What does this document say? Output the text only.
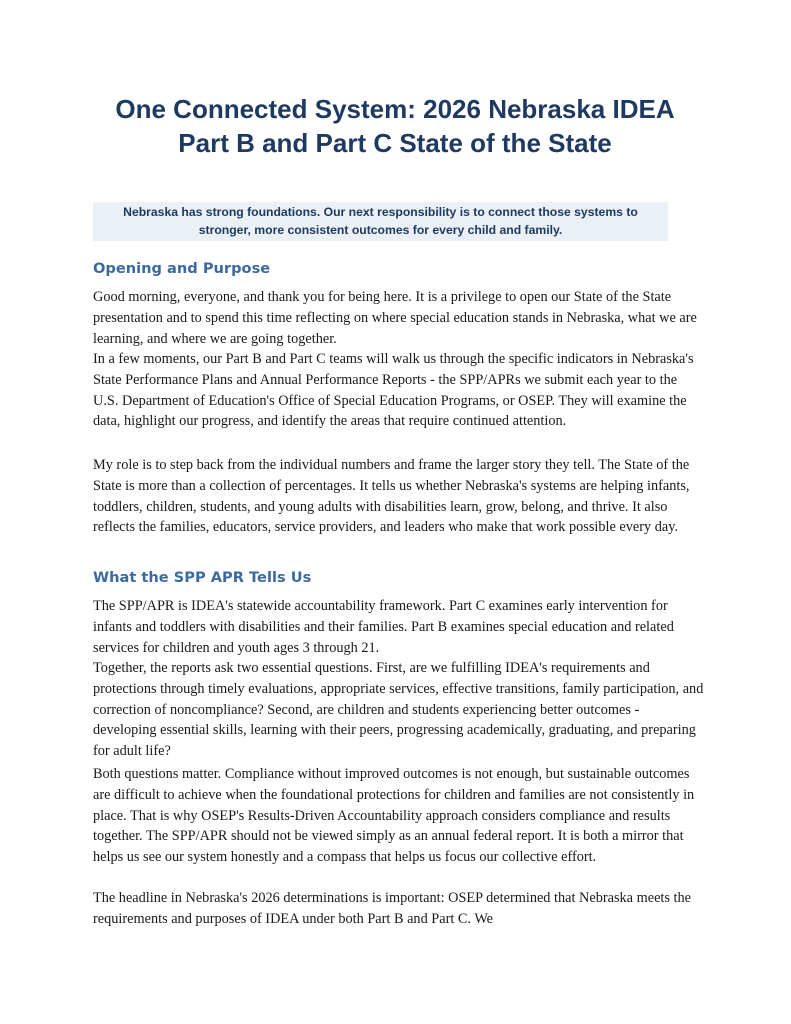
One Connected System: 2026 Nebraska IDEA Part B and Part C State of the State
Nebraska has strong foundations. Our next responsibility is to connect those systems to stronger, more consistent outcomes for every child and family.
Opening and Purpose

Good morning, everyone, and thank you for being here. It is a privilege to open our State of the State presentation and to spend this time reflecting on where special education stands in Nebraska, what we are learning, and where we are going together.

In a few moments, our Part B and Part C teams will walk us through the specific indicators in Nebraska's State Performance Plans and Annual Performance Reports - the SPP/APRs we submit each year to the U.S. Department of Education's Office of Special Education Programs, or OSEP. They will examine the data, highlight our progress, and identify the areas that require continued attention.

My role is to step back from the individual numbers and frame the larger story they tell. The State of the State is more than a collection of percentages. It tells us whether Nebraska's systems are helping infants, toddlers, children, students, and young adults with disabilities learn, grow, belong, and thrive. It also reflects the families, educators, service providers, and leaders who make that work possible every day.

What the SPP APR Tells Us

The SPP/APR is IDEA's statewide accountability framework. Part C examines early intervention for infants and toddlers with disabilities and their families. Part B examines special education and related services for children and youth ages 3 through 21.

Together, the reports ask two essential questions. First, are we fulfilling IDEA's requirements and protections through timely evaluations, appropriate services, effective transitions, family participation, and correction of noncompliance? Second, are children and students experiencing better outcomes - developing essential skills, learning with their peers, progressing academically, graduating, and preparing for adult life?

Both questions matter. Compliance without improved outcomes is not enough, but sustainable outcomes are difficult to achieve when the foundational protections for children and families are not consistently in place. That is why OSEP's Results-Driven Accountability approach considers compliance and results together. The SPP/APR should not be viewed simply as an annual federal report. It is both a mirror that helps us see our system honestly and a compass that helps us focus our collective effort.

The headline in Nebraska's 2026 determinations is important: OSEP determined that Nebraska meets the requirements and purposes of IDEA under both Part B and Part C. We
